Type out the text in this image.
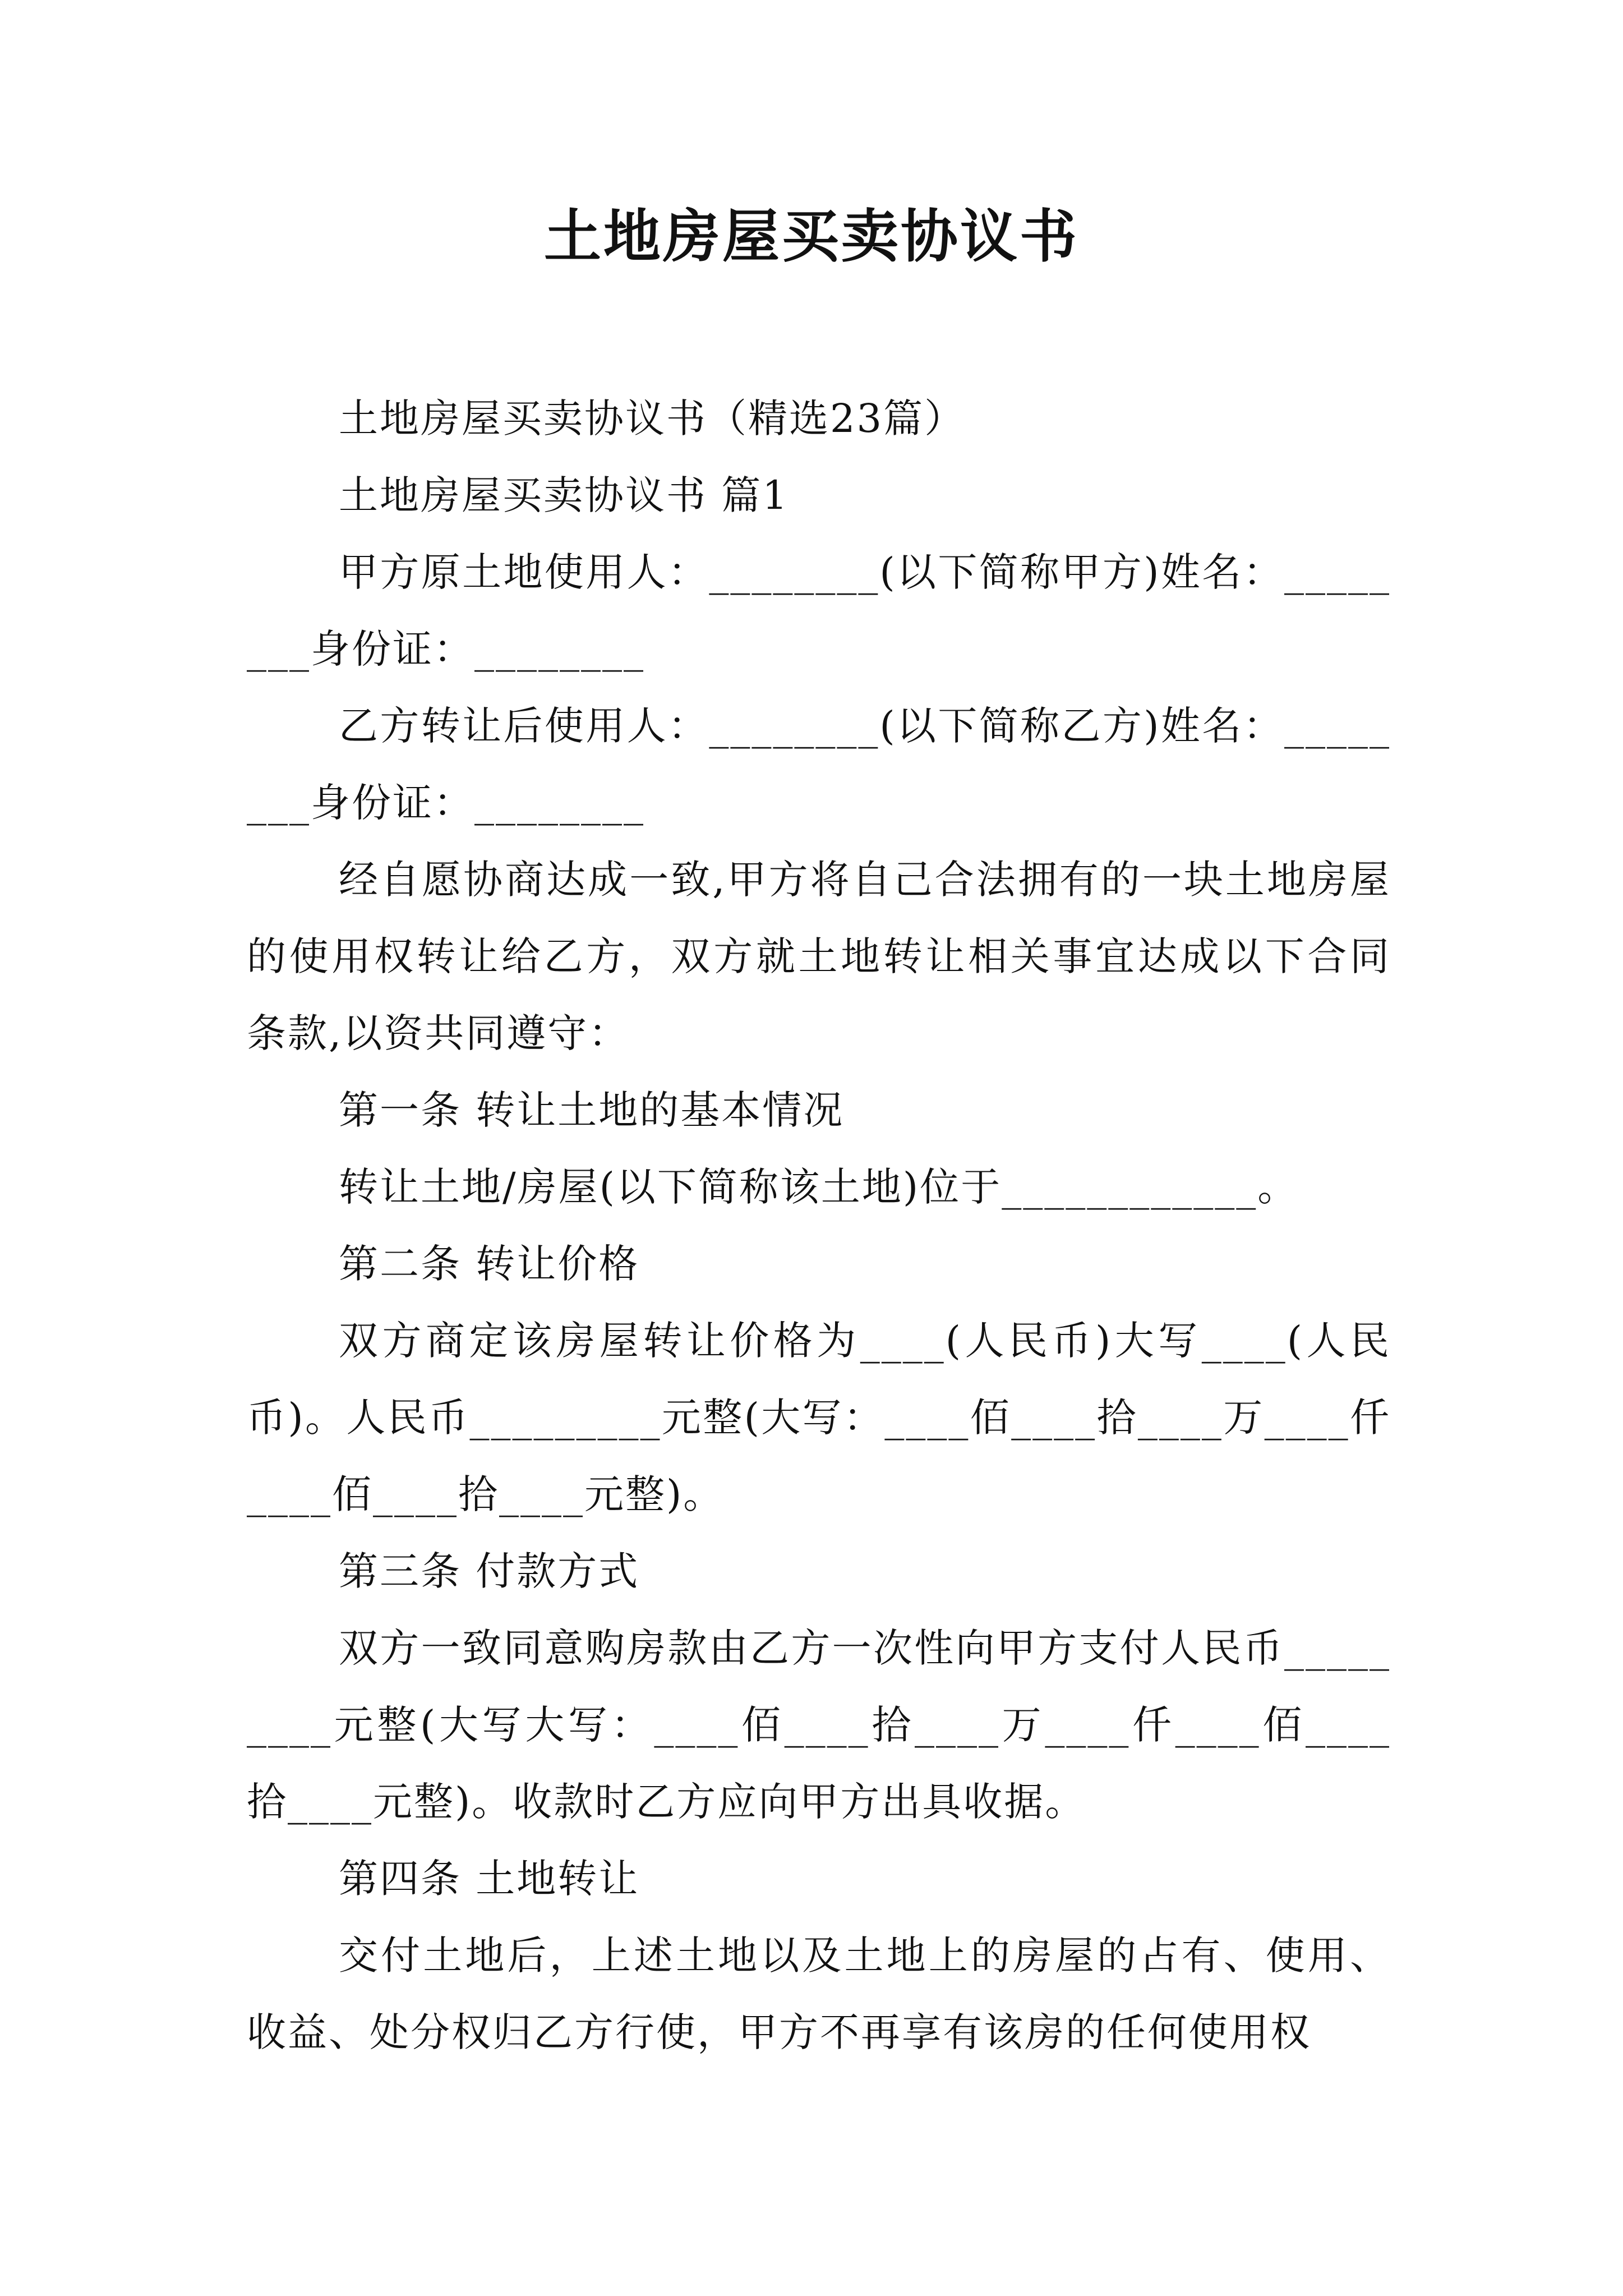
土地房屋买卖协议书

土地房屋买卖协议书（精选23篇）

土地房屋买卖协议书 篇1

甲方原土地使用人：________(以下简称甲方)姓名：________身份证：________

乙方转让后使用人：________(以下简称乙方)姓名：________身份证：________

经自愿协商达成一致,甲方将自己合法拥有的一块土地房屋的使用权转让给乙方，双方就土地转让相关事宜达成以下合同条款,以资共同遵守：

第一条 转让土地的基本情况

转让土地/房屋(以下简称该土地)位于____________。

第二条 转让价格

双方商定该房屋转让价格为____(人民币)大写____(人民币)。人民币_________元整(大写：____佰____拾____万____仟____佰____拾____元整)。

第三条 付款方式

双方一致同意购房款由乙方一次性向甲方支付人民币_________元整(大写大写：____佰____拾____万____仟____佰____拾____元整)。收款时乙方应向甲方出具收据。

第四条 土地转让

交付土地后，上述土地以及土地上的房屋的占有、使用、收益、处分权归乙方行使，甲方不再享有该房的任何使用权
